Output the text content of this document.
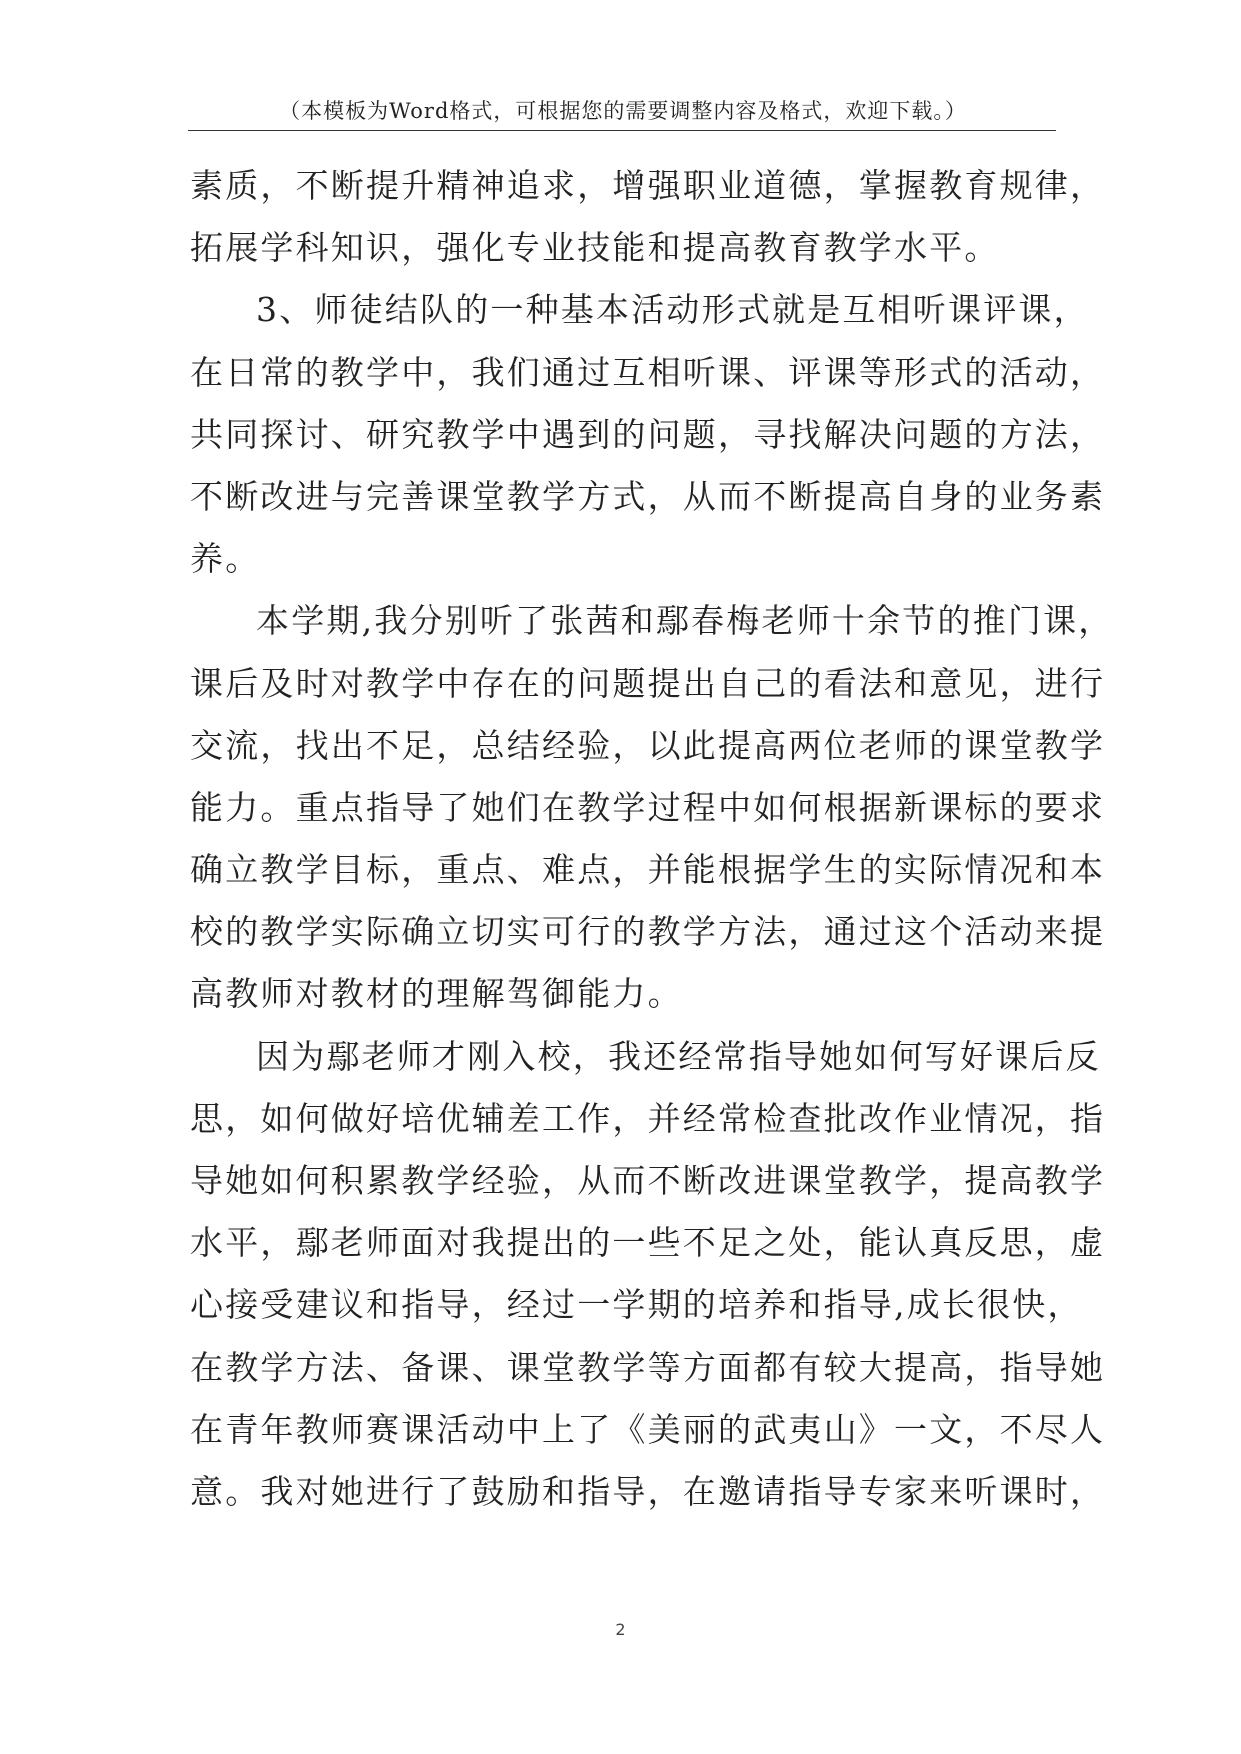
（本模板为Word格式，可根据您的需要调整内容及格式，欢迎下载。）
素质，不断提升精神追求，增强职业道德，掌握教育规律，
拓展学科知识，强化专业技能和提高教育教学水平。
3、师徒结队的一种基本活动形式就是互相听课评课，
在日常的教学中，我们通过互相听课、评课等形式的活动，
共同探讨、研究教学中遇到的问题，寻找解决问题的方法，
不断改进与完善课堂教学方式，从而不断提高自身的业务素
养。
本学期,我分别听了张茜和鄢春梅老师十余节的推门课，
课后及时对教学中存在的问题提出自己的看法和意见，进行
交流，找出不足，总结经验，以此提高两位老师的课堂教学
能力。重点指导了她们在教学过程中如何根据新课标的要求
确立教学目标，重点、难点，并能根据学生的实际情况和本
校的教学实际确立切实可行的教学方法，通过这个活动来提
高教师对教材的理解驾御能力。
因为鄢老师才刚入校，我还经常指导她如何写好课后反
思，如何做好培优辅差工作，并经常检查批改作业情况，指
导她如何积累教学经验，从而不断改进课堂教学，提高教学
水平，鄢老师面对我提出的一些不足之处，能认真反思，虚
心接受建议和指导，经过一学期的培养和指导,成长很快，
在教学方法、备课、课堂教学等方面都有较大提高，指导她
在青年教师赛课活动中上了《美丽的武夷山》一文，不尽人
意。我对她进行了鼓励和指导，在邀请指导专家来听课时，
2
